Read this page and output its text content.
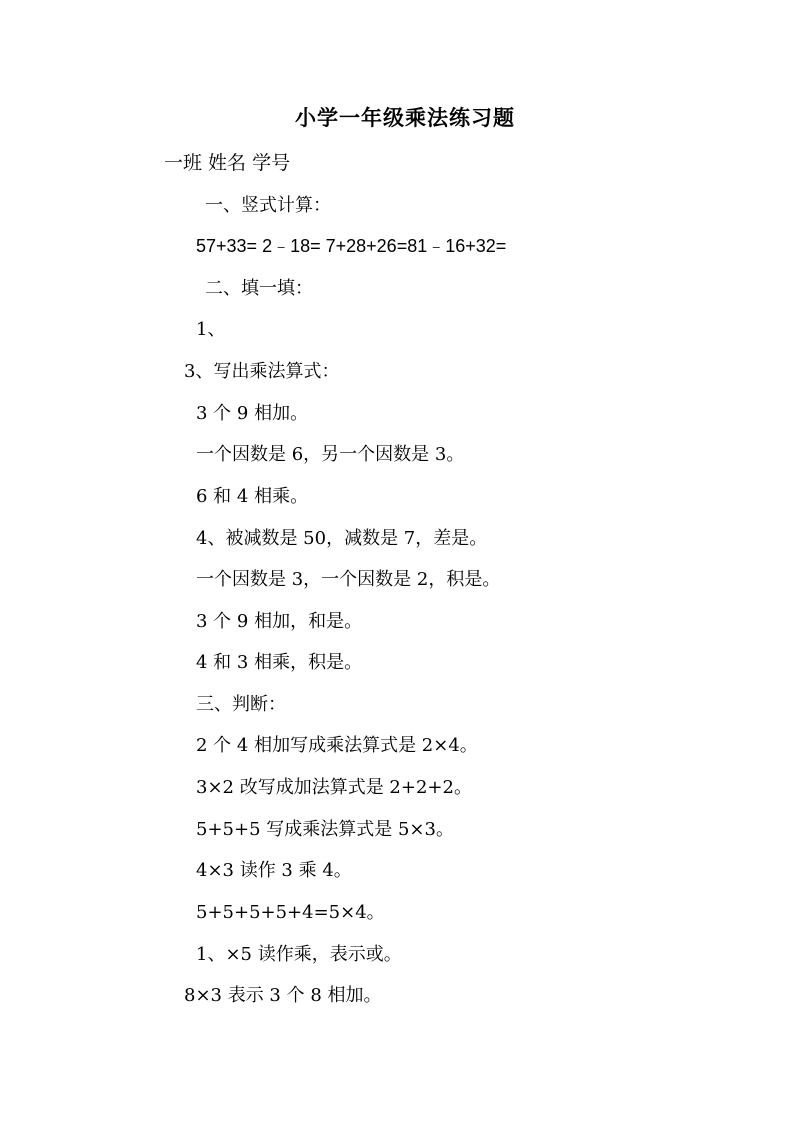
小学一年级乘法练习题

一班 姓名 学号

一、竖式计算：

57+33= 2﹣18= 7+28+26=81﹣16+32=

二、填一填：

1、

3、写出乘法算式：

3 个 9 相加。

一个因数是 6，另一个因数是 3。

6 和 4 相乘。

4、被减数是 50，减数是 7，差是。

一个因数是 3，一个因数是 2，积是。

3 个 9 相加，和是。

4 和 3 相乘，积是。

三、判断：

2 个 4 相加写成乘法算式是 2×4。

3×2 改写成加法算式是 2+2+2。

5+5+5 写成乘法算式是 5×3。

4×3 读作 3 乘 4。

5+5+5+5+4=5×4。

1、×5 读作乘，表示或。

8×3 表示 3 个 8 相加。
